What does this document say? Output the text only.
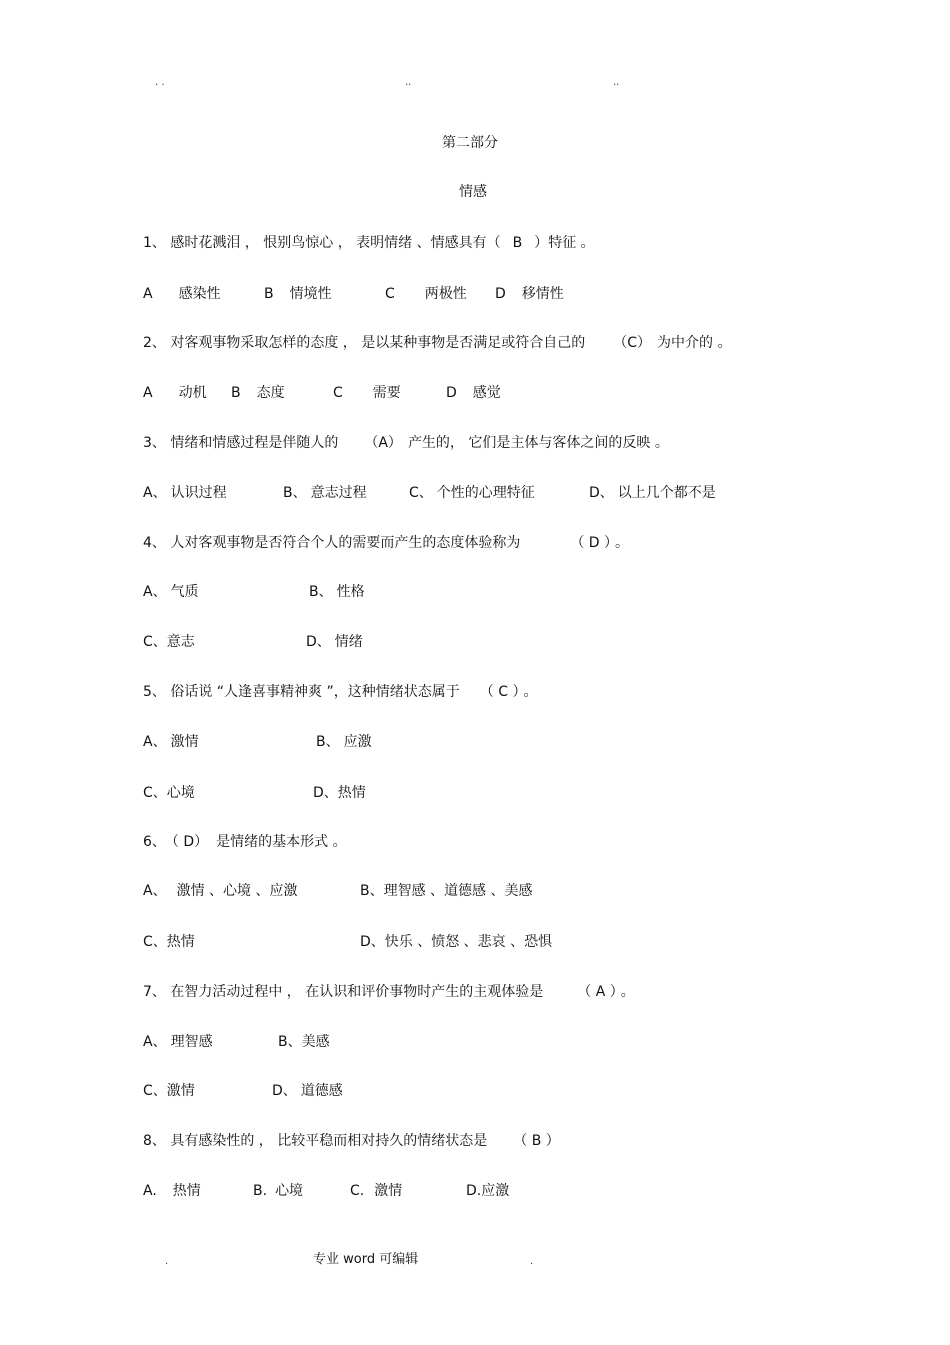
. .	..	..
第二部分
情感
1、 感时花溅泪 ， 恨别鸟惊心 ， 表明情绪 、情感具有（ B ）特征 。
A 感染性	B 情境性	C 两极性 D 移情性
2、 对客观事物采取怎样的态度 ， 是以某种事物是否满足或符合自己的 （C） 为中介的 。
A 动机 B 态度	C 需要	D 感觉
3、 情绪和情感过程是伴随人的 （A） 产生的， 它们是主体与客体之间的反映 。
A、 认识过程	B、 意志过程	C、 个性的心理特征	D、 以上几个都不是
4、 人对客观事物是否符合个人的需要而产生的态度体验称为	（ D ） 。
A、 气质	B、 性格
C、意志	D、 情绪
5、 俗话说 “人逢喜事精神爽 ”，这种情绪状态属于 （ C ） 。
A、 激情	B、 应激
C、心境	D、热情
6、 （ D） 是情绪的基本形式 。
A、 激情 、心境 、应激	B、理智感 、道德感 、美感
C、热情	D、快乐 、愤怒 、悲哀 、恐惧
7、 在智力活动过程中 ， 在认识和评价事物时产生的主观体验是 （ A ） 。
A、 理智感	B、美感
C、激情	D、 道德感
8、 具有感染性的 ， 比较平稳而相对持久的情绪状态是 （ B ）
A. 热情	B. 心境	C. 激情	D.应激
.	专业 word 可编辑	.
